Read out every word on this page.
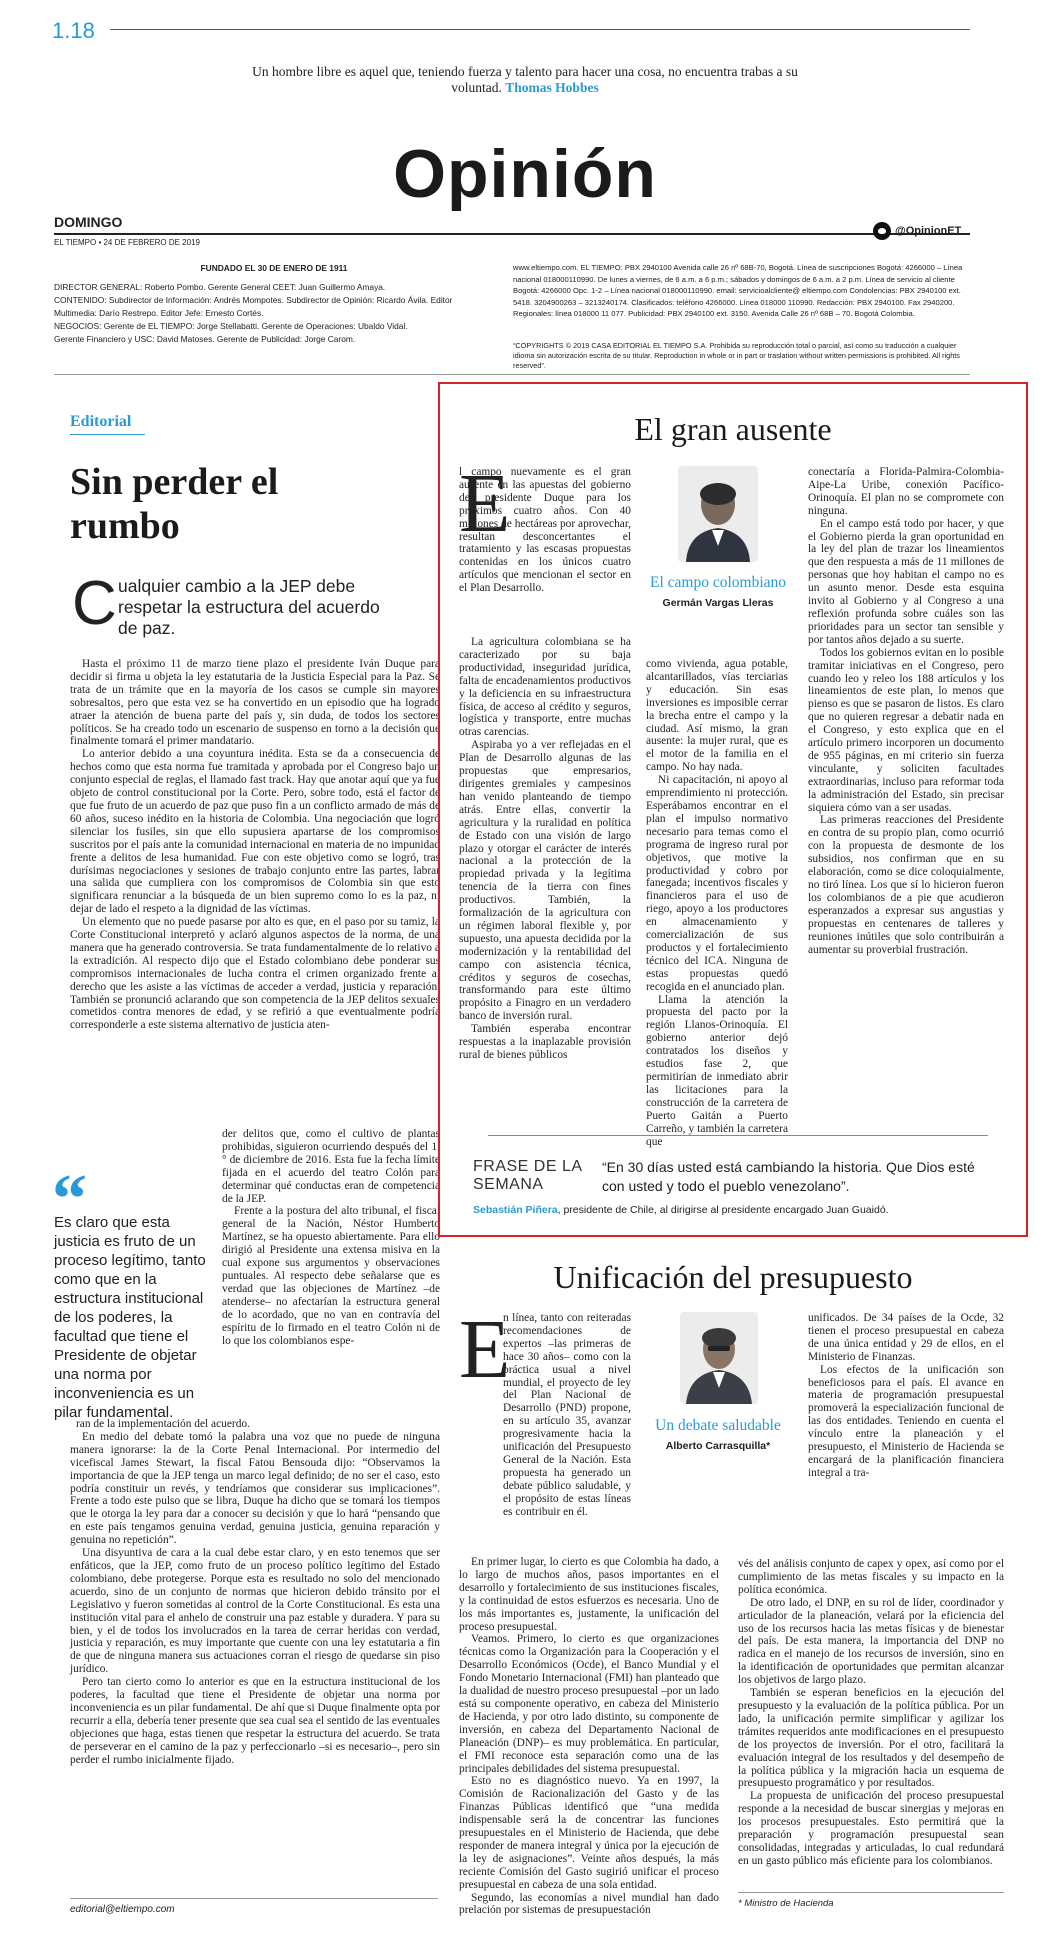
1.18
Un hombre libre es aquel que, teniendo fuerza y talento para hacer una cosa, no encuentra trabas a su voluntad. Thomas Hobbes
Opinión
DOMINGO
EL TIEMPO • 24 DE FEBRERO DE 2019
@OpinionET
FUNDADO EL 30 DE ENERO DE 1911
DIRECTOR GENERAL: Roberto Pombo. Gerente General CEET: Juan Guillermo Amaya.
CONTENIDO: Subdirector de Información: Andrés Mompotes. Subdirector de Opinión: Ricardo Ávila. Editor Multimedia: Darío Restrepo. Editor Jefe: Ernesto Cortés.
NEGOCIOS: Gerente de EL TIEMPO: Jorge Stellabatti. Gerente de Operaciones: Ubaldo Vidal.
Gerente Financiero y USC: David Matoses. Gerente de Publicidad: Jorge Carom.
www.eltiempo.com. EL TIEMPO: PBX 2940100 Avenida calle 26 nº 68B-70, Bogotá. Línea de suscripciones Bogotá: 4266000 – Línea nacional 018000110990. De lunes a viernes, de 6 a.m. a 6 p.m.; sábados y domingos de 6 a.m. a 2 p.m. Línea de servicio al cliente Bogotá: 4266000 Opc. 1-2 – Línea nacional 018000110990. email: servicioalcliente@ eltiempo.com Condolencias: PBX 2940100 ext. 5418. 3204900263 – 3213240174. Clasificados: teléfono 4266000. Línea 018000 110990. Redacción: PBX 2940100. Fax 2940200. Regionales: línea 018000 11 077. Publicidad: PBX 2940100 ext. 3150. Avenida Calle 26 nº 68B – 70. Bogotá Colombia.
“COPYRIGHTS © 2019 CASA EDITORIAL EL TIEMPO S.A. Prohibida su reproducción total o parcial, así como su traducción a cualquier idioma sin autorización escrita de su titular. Reproduction in whole or in part or traslation without written permissions is prohibited. All rights reserved”.
Editorial
Sin perder el rumbo
C ualquier cambio a la JEP debe respetar la estructura del acuerdo de paz.

Hasta el próximo 11 de marzo tiene plazo el presidente Iván Duque para decidir si firma u objeta la ley estatutaria de la Justicia Especial para la Paz. Se trata de un trámite que en la mayoría de los casos se cumple sin mayores sobresaltos, pero que esta vez se ha convertido en un episodio que ha logrado atraer la atención de buena parte del país y, sin duda, de todos los sectores políticos. Se ha creado todo un escenario de suspenso en torno a la decisión que finalmente tomará el primer mandatario.

Lo anterior debido a una coyuntura inédita. Esta se da a consecuencia de hechos como que esta norma fue tramitada y aprobada por el Congreso bajo un conjunto especial de reglas, el llamado fast track. Hay que anotar aquí que ya fue objeto de control constitucional por la Corte. Pero, sobre todo, está el factor de que fue fruto de un acuerdo de paz que puso fin a un conflicto armado de más de 60 años, suceso inédito en la historia de Colombia. Una negociación que logró silenciar los fusiles, sin que ello supusiera apartarse de los compromisos suscritos por el país ante la comunidad internacional en materia de no impunidad frente a delitos de lesa humanidad. Fue con este objetivo como se logró, tras durísimas negociaciones y sesiones de trabajo conjunto entre las partes, labrar una salida que cumpliera con los compromisos de Colombia sin que esto significara renunciar a la búsqueda de un bien supremo como lo es la paz, ni dejar de lado el respeto a la dignidad de las víctimas.

Un elemento que no puede pasarse por alto es que, en el paso por su tamiz, la Corte Constitucional interpretó y aclaró algunos aspectos de la norma, de una manera que ha generado controversia. Se trata fundamentalmente de lo relativo a la extradición. Al respecto dijo que el Estado colombiano debe ponderar sus compromisos internacionales de lucha contra el crimen organizado frente al derecho que les asiste a las víctimas de acceder a verdad, justicia y reparación. También se pronunció aclarando que son competencia de la JEP delitos sexuales cometidos contra menores de edad, y se refirió a que eventualmente podría corresponderle a este sistema alternativo de justicia aten-

der delitos que, como el cultivo de plantas prohibidas, siguieron ocurriendo después del 1.° de diciembre de 2016. Esta fue la fecha límite fijada en el acuerdo del teatro Colón para determinar qué conductas eran de competencia de la JEP.

Frente a la postura del alto tribunal, el fiscal general de la Nación, Néstor Humberto Martínez, se ha opuesto abiertamente. Para ello dirigió al Presidente una extensa misiva en la cual expone sus argumentos y observaciones puntuales. Al respecto debe señalarse que es verdad que las objeciones de Martínez –de atenderse– no afectarían la estructura general de lo acordado, que no van en contravía del espíritu de lo firmado en el teatro Colón ni de lo que los colombianos espe-

“
Es claro que esta justicia es fruto de un proceso legítimo, tanto como que en la estructura institucional de los poderes, la facultad que tiene el Presidente de objetar una norma por inconveniencia es un pilar fundamental.

ran de la implementación del acuerdo.

En medio del debate tomó la palabra una voz que no puede de ninguna manera ignorarse: la de la Corte Penal Internacional. Por intermedio del vicefiscal James Stewart, la fiscal Fatou Bensouda dijo: “Observamos la importancia de que la JEP tenga un marco legal definido; de no ser el caso, esto podría constituir un revés, y tendríamos que considerar sus implicaciones”. Frente a todo este pulso que se libra, Duque ha dicho que se tomará los tiempos que le otorga la ley para dar a conocer su decisión y que lo hará “pensando que en este país tengamos genuina verdad, genuina justicia, genuina reparación y genuina no repetición”.

Una disyuntiva de cara a la cual debe estar claro, y en esto tenemos que ser enfáticos, que la JEP, como fruto de un proceso político legítimo del Estado colombiano, debe protegerse. Porque esta es resultado no solo del mencionado acuerdo, sino de un conjunto de normas que hicieron debido tránsito por el Legislativo y fueron sometidas al control de la Corte Constitucional. Es esta una institución vital para el anhelo de construir una paz estable y duradera. Y para su bien, y el de todos los involucrados en la tarea de cerrar heridas con verdad, justicia y reparación, es muy importante que cuente con una ley estatutaria a fin de que de ninguna manera sus actuaciones corran el riesgo de quedarse sin piso jurídico.

Pero tan cierto como lo anterior es que en la estructura institucional de los poderes, la facultad que tiene el Presidente de objetar una norma por inconveniencia es un pilar fundamental. De ahí que si Duque finalmente opta por recurrir a ella, debería tener presente que sea cual sea el sentido de las eventuales objeciones que haga, estas tienen que respetar la estructura del acuerdo. Se trata de perseverar en el camino de la paz y perfeccionarlo –si es necesario–, pero sin perder el rumbo inicialmente fijado.

editorial@eltiempo.com
El gran ausente
E

l campo nuevamente es el gran ausente en las apuestas del gobierno del presidente Duque para los próximos cuatro años. Con 40 millones de hectáreas por aprovechar, resultan desconcertantes el tratamiento y las escasas propuestas contenidas en los únicos cuatro artículos que mencionan el sector en el Plan Desarrollo.

La agricultura colombiana se ha caracterizado por su baja productividad, inseguridad jurídica, falta de encadenamientos productivos y la deficiencia en su infraestructura física, de acceso al crédito y seguros, logística y transporte, entre muchas otras carencias.

Aspiraba yo a ver reflejadas en el Plan de Desarrollo algunas de las propuestas que empresarios, dirigentes gremiales y campesinos han venido planteando de tiempo atrás. Entre ellas, convertir la agricultura y la ruralidad en política de Estado con una visión de largo plazo y otorgar el carácter de interés nacional a la protección de la propiedad privada y la legítima tenencia de la tierra con fines productivos. También, la formalización de la agricultura con un régimen laboral flexible y, por supuesto, una apuesta decidida por la modernización y la rentabilidad del campo con asistencia técnica, créditos y seguros de cosechas, transformando para este último propósito a Finagro en un verdadero banco de inversión rural.

También esperaba encontrar respuestas a la inaplazable provisión rural de bienes públicos

El campo colombiano
Germán Vargas Lleras

como vivienda, agua potable, alcantarillados, vías terciarias y educación. Sin esas inversiones es imposible cerrar la brecha entre el campo y la ciudad. Así mismo, la gran ausente: la mujer rural, que es el motor de la familia en el campo. No hay nada.

Ni capacitación, ni apoyo al emprendimiento ni protección. Esperábamos encontrar en el plan el impulso normativo necesario para temas como el programa de ingreso rural por objetivos, que motive la productividad y cobro por fanegada; incentivos fiscales y financieros para el uso de riego, apoyo a los productores en almacenamiento y comercialización de sus productos y el fortalecimiento técnico del ICA. Ninguna de estas propuestas quedó recogida en el anunciado plan.

Llama la atención la propuesta del pacto por la región Llanos-Orinoquía. El gobierno anterior dejó contratados los diseños y estudios fase 2, que permitirían de inmediato abrir las licitaciones para la construcción de la carretera de Puerto Gaitán a Puerto Carreño, y también la carretera que

conectaría a Florida-Palmira-Colombia-Aipe-La Uribe, conexión Pacífico-Orinoquía. El plan no se compromete con ninguna.

En el campo está todo por hacer, y que el Gobierno pierda la gran oportunidad en la ley del plan de trazar los lineamientos que den respuesta a más de 11 millones de personas que hoy habitan el campo no es un asunto menor. Desde esta esquina invito al Gobierno y al Congreso a una reflexión profunda sobre cuáles son las prioridades para un sector tan sensible y por tantos años dejado a su suerte.

Todos los gobiernos evitan en lo posible tramitar iniciativas en el Congreso, pero cuando leo y releo los 188 artículos y los lineamientos de este plan, lo menos que pienso es que se pasaron de listos. Es claro que no quieren regresar a debatir nada en el Congreso, y esto explica que en el artículo primero incorporen un documento de 955 páginas, en mi criterio sin fuerza vinculante, y soliciten facultades extraordinarias, incluso para reformar toda la administración del Estado, sin precisar siquiera cómo van a ser usadas.

Las primeras reacciones del Presidente en contra de su propio plan, como ocurrió con la propuesta de desmonte de los subsidios, nos confirman que en su elaboración, como se dice coloquialmente, no tiró línea. Los que sí lo hicieron fueron los colombianos de a pie que acudieron esperanzados a expresar sus angustias y propuestas en centenares de talleres y reuniones inútiles que solo contribuirán a aumentar su proverbial frustración.

FRASE DE LA SEMANA
“En 30 días usted está cambiando la historia. Que Dios esté con usted y todo el pueblo venezolano”.
Sebastián Piñera, presidente de Chile, al dirigirse al presidente encargado Juan Guaidó.
Unificación del presupuesto
E

n línea, tanto con reiteradas recomendaciones de expertos –las primeras de hace 30 años– como con la práctica usual a nivel mundial, el proyecto de ley del Plan Nacional de Desarrollo (PND) propone, en su artículo 35, avanzar progresivamente hacia la unificación del Presupuesto General de la Nación. Esta propuesta ha generado un debate público saludable, y el propósito de estas líneas es contribuir en él.

En primer lugar, lo cierto es que Colombia ha dado, a lo largo de muchos años, pasos importantes en el desarrollo y fortalecimiento de sus instituciones fiscales, y la continuidad de estos esfuerzos es necesaria. Uno de los más importantes es, justamente, la unificación del proceso presupuestal.

Veamos. Primero, lo cierto es que organizaciones técnicas como la Organización para la Cooperación y el Desarrollo Económicos (Ocde), el Banco Mundial y el Fondo Monetario Internacional (FMI) han planteado que la dualidad de nuestro proceso presupuestal –por un lado está su componente operativo, en cabeza del Ministerio de Hacienda, y por otro lado distinto, su componente de inversión, en cabeza del Departamento Nacional de Planeación (DNP)– es muy problemática. En particular, el FMI reconoce esta separación como una de las principales debilidades del sistema presupuestal.

Esto no es diagnóstico nuevo. Ya en 1997, la Comisión de Racionalización del Gasto y de las Finanzas Públicas identificó que “una medida indispensable será la de concentrar las funciones presupuestales en el Ministerio de Hacienda, que debe responder de manera integral y única por la ejecución de la ley de asignaciones”. Veinte años después, la más reciente Comisión del Gasto sugirió unificar el proceso presupuestal en cabeza de una sola entidad.

Segundo, las economías a nivel mundial han dado prelación por sistemas de presupuestación

Un debate saludable
Alberto Carrasquilla*

unificados. De 34 países de la Ocde, 32 tienen el proceso presupuestal en cabeza de una única entidad y 29 de ellos, en el Ministerio de Finanzas.

Los efectos de la unificación son beneficiosos para el país. El avance en materia de programación presupuestal promoverá la especialización funcional de las dos entidades. Teniendo en cuenta el vínculo entre la planeación y el presupuesto, el Ministerio de Hacienda se encargará de la planificación financiera integral a tra-

vés del análisis conjunto de capex y opex, así como por el cumplimiento de las metas fiscales y su impacto en la política económica.

De otro lado, el DNP, en su rol de líder, coordinador y articulador de la planeación, velará por la eficiencia del uso de los recursos hacia las metas físicas y de bienestar del país. De esta manera, la importancia del DNP no radica en el manejo de los recursos de inversión, sino en la identificación de oportunidades que permitan alcanzar los objetivos de largo plazo.

También se esperan beneficios en la ejecución del presupuesto y la evaluación de la política pública. Por un lado, la unificación permite simplificar y agilizar los trámites requeridos ante modificaciones en el presupuesto de los proyectos de inversión. Por el otro, facilitará la evaluación integral de los resultados y del desempeño de la política pública y la migración hacia un esquema de presupuesto programático y por resultados.

La propuesta de unificación del proceso presupuestal responde a la necesidad de buscar sinergias y mejoras en los procesos presupuestales. Esto permitirá que la preparación y programación presupuestal sean consolidadas, integradas y articuladas, lo cual redundará en un gasto público más eficiente para los colombianos.

* Ministro de Hacienda
